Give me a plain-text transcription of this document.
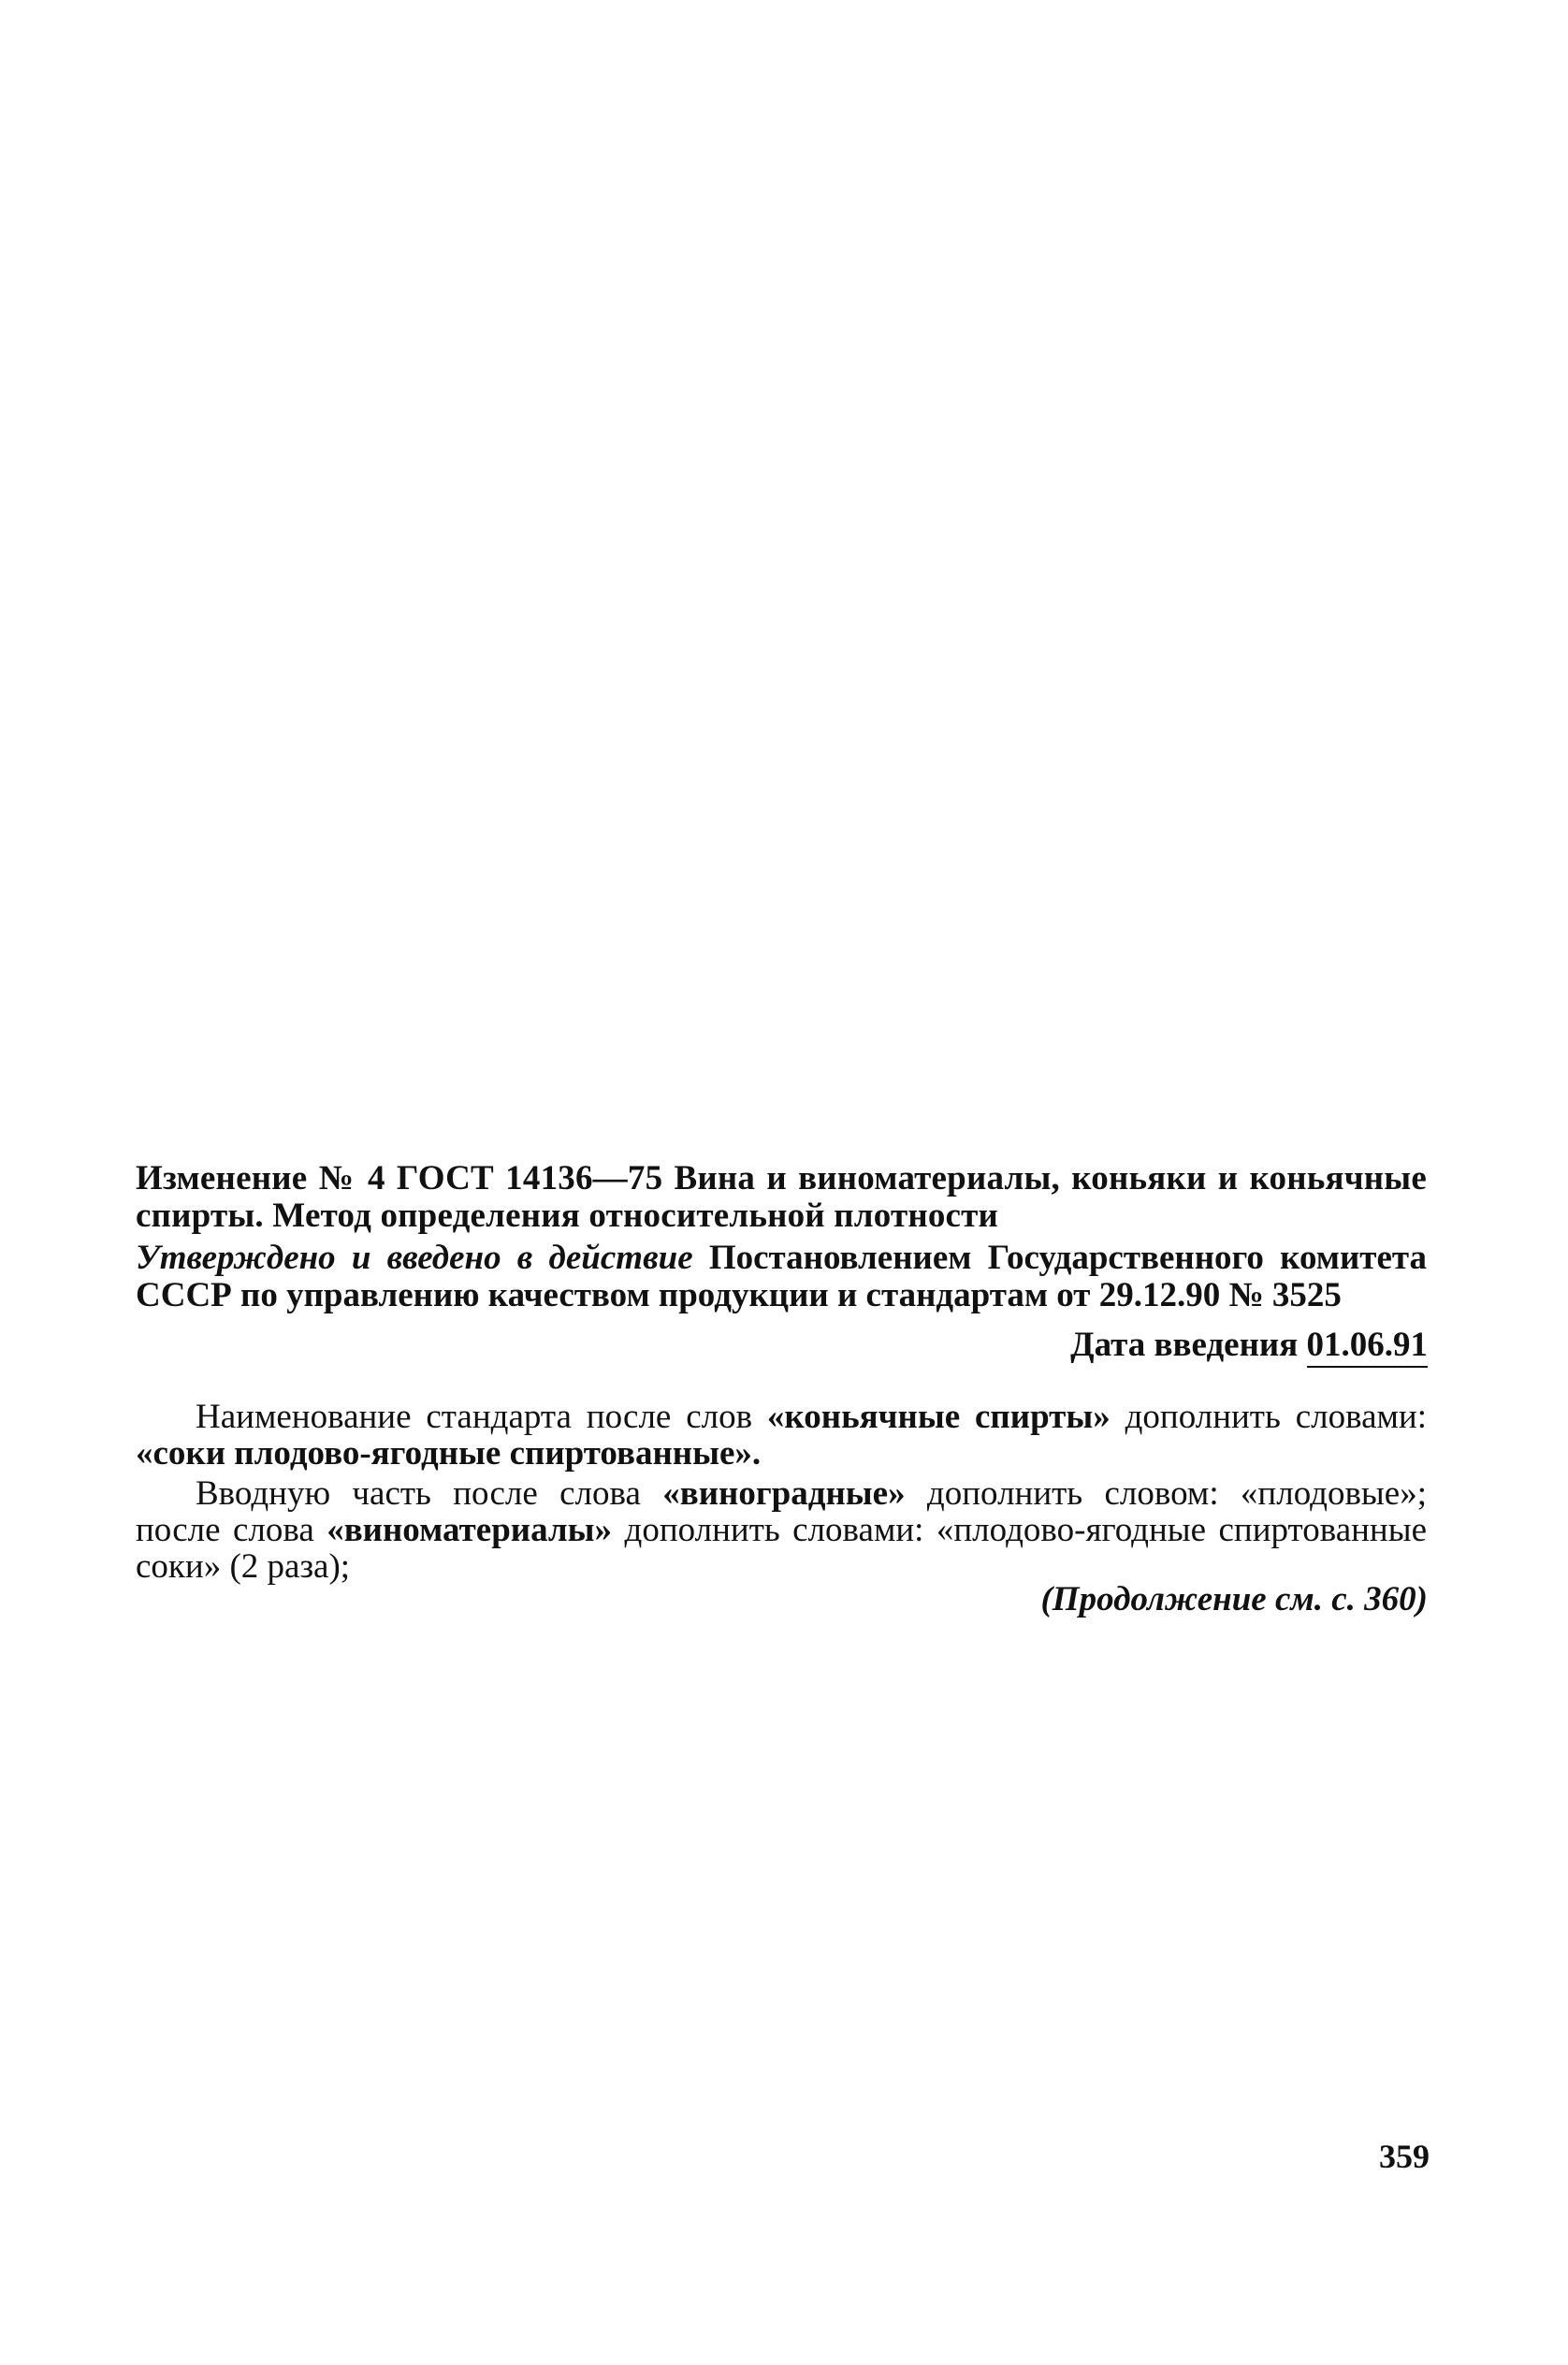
Изменение № 4 ГОСТ 14136—75 Вина и виноматериалы, коньяки и коньячные спирты. Метод определения относительной плотности
Утверждено и введено в действие Постановлением Государственного комитета СССР по управлению качеством продукции и стандартам от 29.12.90 № 3525
Дата введения 01.06.91

Наименование стандарта после слов «коньячные спирты» дополнить словами: «соки плодово-ягодные спиртованные».

Вводную часть после слова «виноградные» дополнить словом: «плодовые»; после слова «виноматериалы» дополнить словами: «плодово-ягодные спиртованные соки» (2 раза);

(Продолжение см. с. 360)
359
